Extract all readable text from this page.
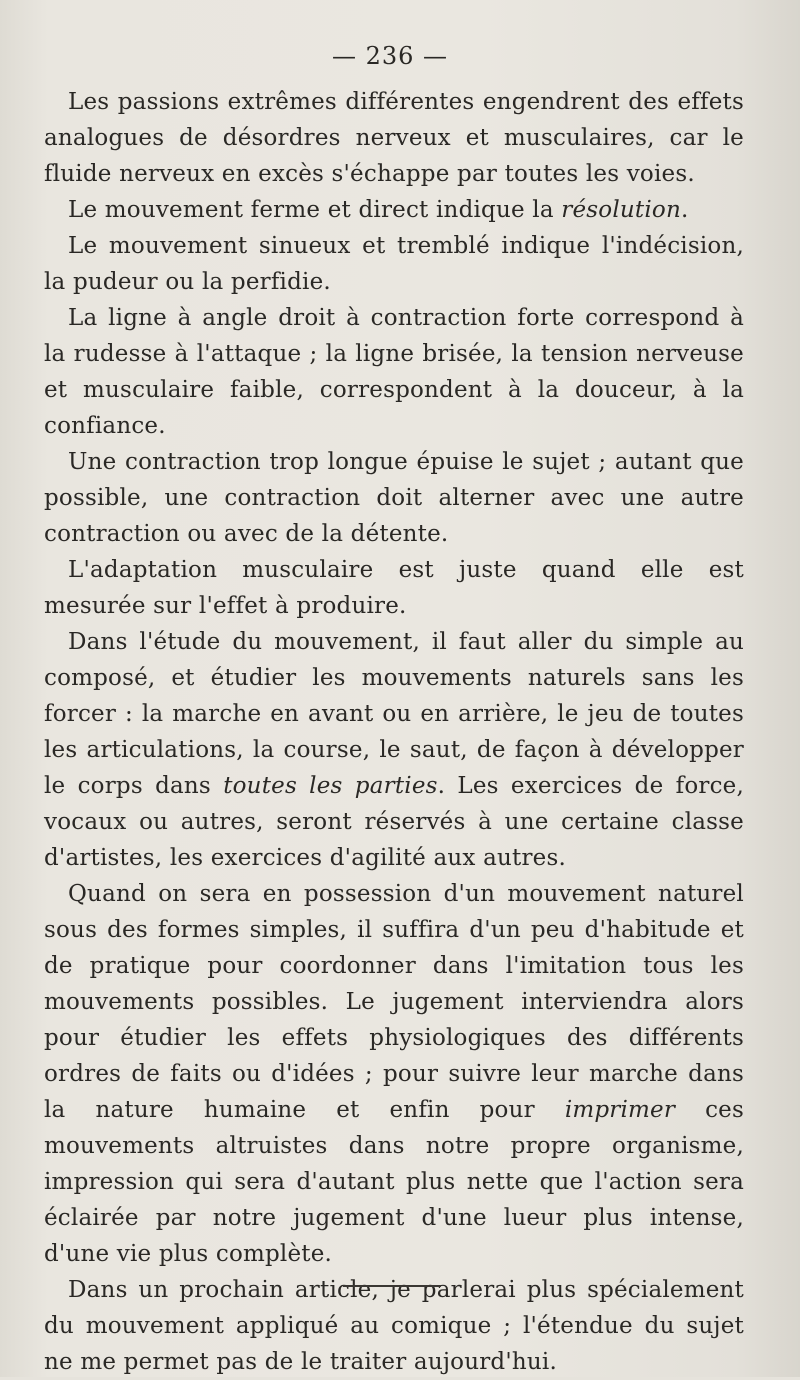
— 236 —

Les passions extrêmes différentes engendrent des effets analogues de désordres nerveux et musculaires, car le fluide nerveux en excès s'échappe par toutes les voies.

Le mouvement ferme et direct indique la résolution.

Le mouvement sinueux et tremblé indique l'indécision, la pudeur ou la perfidie.

La ligne à angle droit à contraction forte correspond à la rudesse à l'attaque ; la ligne brisée, la tension nerveuse et musculaire faible, correspondent à la douceur, à la confiance.

Une contraction trop longue épuise le sujet ; autant que possible, une contraction doit alterner avec une autre contraction ou avec de la détente.

L'adaptation musculaire est juste quand elle est mesurée sur l'effet à produire.

Dans l'étude du mouvement, il faut aller du simple au composé, et étudier les mouvements naturels sans les forcer : la marche en avant ou en arrière, le jeu de toutes les articulations, la course, le saut, de façon à développer le corps dans toutes les parties. Les exercices de force, vocaux ou autres, seront réservés à une certaine classe d'artistes, les exercices d'agilité aux autres.

Quand on sera en possession d'un mouvement naturel sous des formes simples, il suffira d'un peu d'habitude et de pratique pour coordonner dans l'imitation tous les mouvements possibles. Le jugement interviendra alors pour étudier les effets physiologiques des différents ordres de faits ou d'idées ; pour suivre leur marche dans la nature humaine et enfin pour imprimer ces mouvements altruistes dans notre propre organisme, impression qui sera d'autant plus nette que l'action sera éclairée par notre jugement d'une lueur plus intense, d'une vie plus complète.

Dans un prochain article, je parlerai plus spécialement du mouvement appliqué au comique ; l'étendue du sujet ne me permet pas de le traiter aujourd'hui.
